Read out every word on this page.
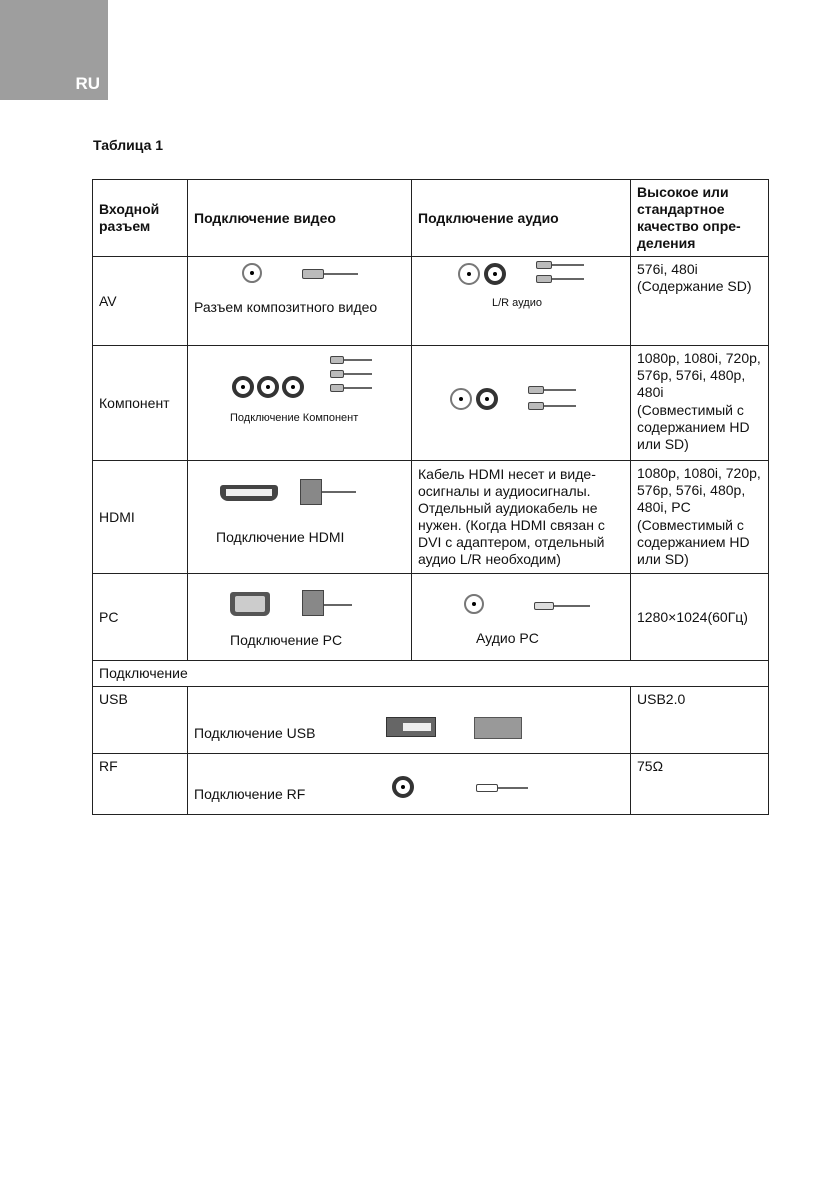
RU
Таблица 1
Входной разъем	Подключение видео	Подключение аудио	Высокое или стандартное качество опре-деления
AV	Разъем композитного видео	L/R аудио	576i, 480i (Содержание SD)
Компонент	Подключение Компонент		1080p, 1080i, 720p, 576p, 576i, 480p, 480i (Совместимый с содержанием HD или SD)
HDMI	Подключение HDMI	Кабель HDMI несет и виде-осигналы и аудиосигналы. Отдельный аудиокабель не нужен. (Когда HDMI связан с DVI с адаптером, отдельный аудио L/R необходим)	1080p, 1080i, 720p, 576p, 576i, 480p, 480i, PC (Совместимый с содержанием HD или SD)
PC	Подключение PC	Аудио PC	1280×1024(60Гц)
Подключение			
USB	Подключение USB		USB2.0
RF	Подключение RF		75Ω
